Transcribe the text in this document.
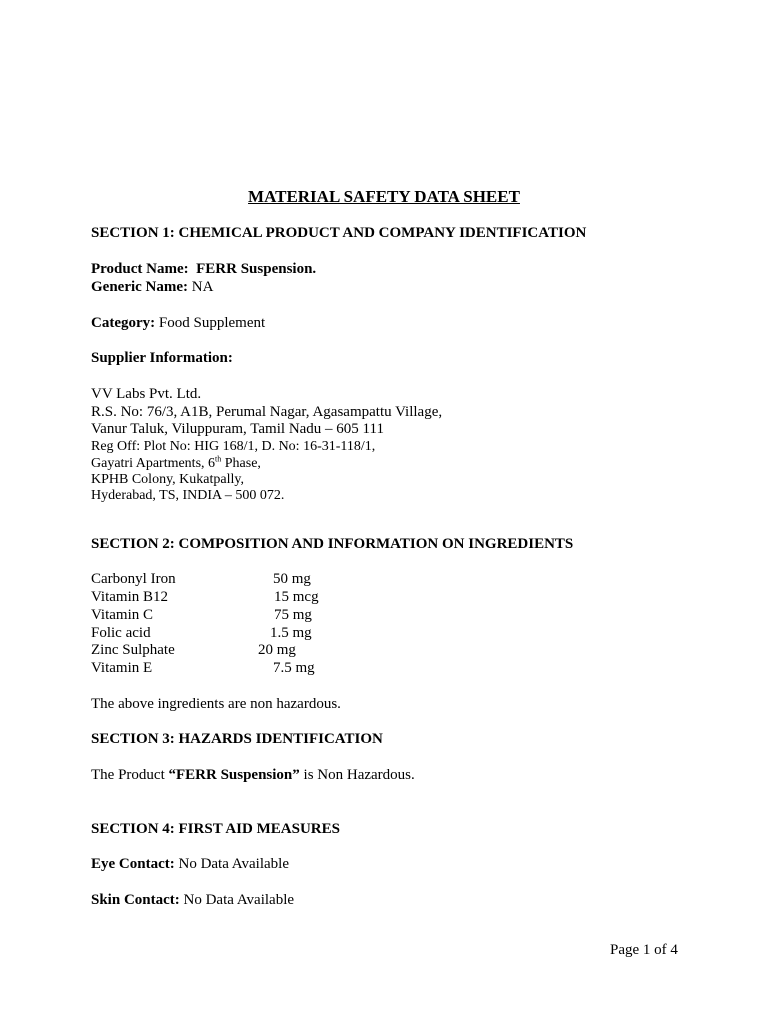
MATERIAL SAFETY DATA SHEET
SECTION 1: CHEMICAL PRODUCT AND COMPANY IDENTIFICATION
Product Name: FERR Suspension.
Generic Name: NA
Category: Food Supplement
Supplier Information:
VV Labs Pvt. Ltd.
R.S. No: 76/3, A1B, Perumal Nagar, Agasampattu Village,
Vanur Taluk, Viluppuram, Tamil Nadu – 605 111
Reg Off: Plot No: HIG 168/1, D. No: 16-31-118/1,
Gayatri Apartments, 6th Phase,
KPHB Colony, Kukatpally,
Hyderabad, TS, INDIA – 500 072.
SECTION 2: COMPOSITION AND INFORMATION ON INGREDIENTS
Carbonyl Iron	50 mg
Vitamin B12	15 mcg
Vitamin C	75 mg
Folic acid	1.5 mg
Zinc Sulphate	20 mg
Vitamin E	7.5 mg
The above ingredients are non hazardous.
SECTION 3: HAZARDS IDENTIFICATION
The Product “FERR Suspension” is Non Hazardous.
SECTION 4: FIRST AID MEASURES
Eye Contact: No Data Available
Skin Contact: No Data Available
Page 1 of 4
